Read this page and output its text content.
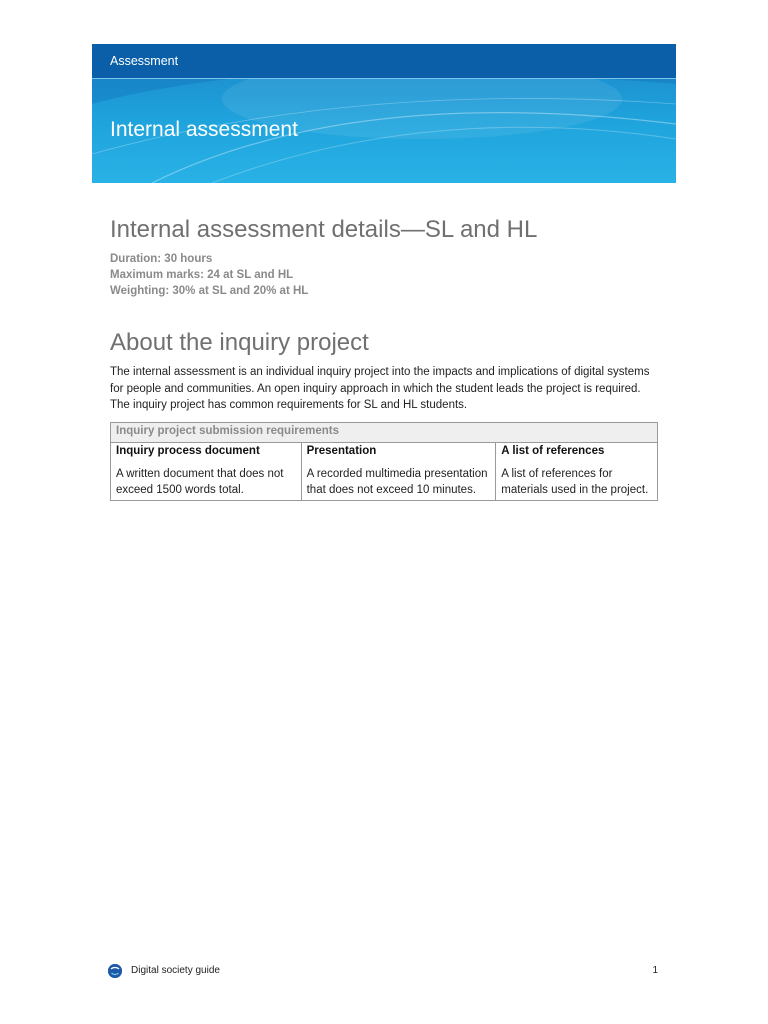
Assessment
Internal assessment
Internal assessment details—SL and HL
Duration: 30 hours
Maximum marks: 24 at SL and HL
Weighting: 30% at SL and 20% at HL
About the inquiry project

The internal assessment is an individual inquiry project into the impacts and implications of digital systems for people and communities. An open inquiry approach in which the student leads the project is required. The inquiry project has common requirements for SL and HL students.

Inquiry project submission requirements		
Inquiry process document	Presentation	A list of references
A written document that does not exceed 1500 words total.	A recorded multimedia presentation that does not exceed 10 minutes.	A list of references for materials used in the project.
Digital society guide	1
